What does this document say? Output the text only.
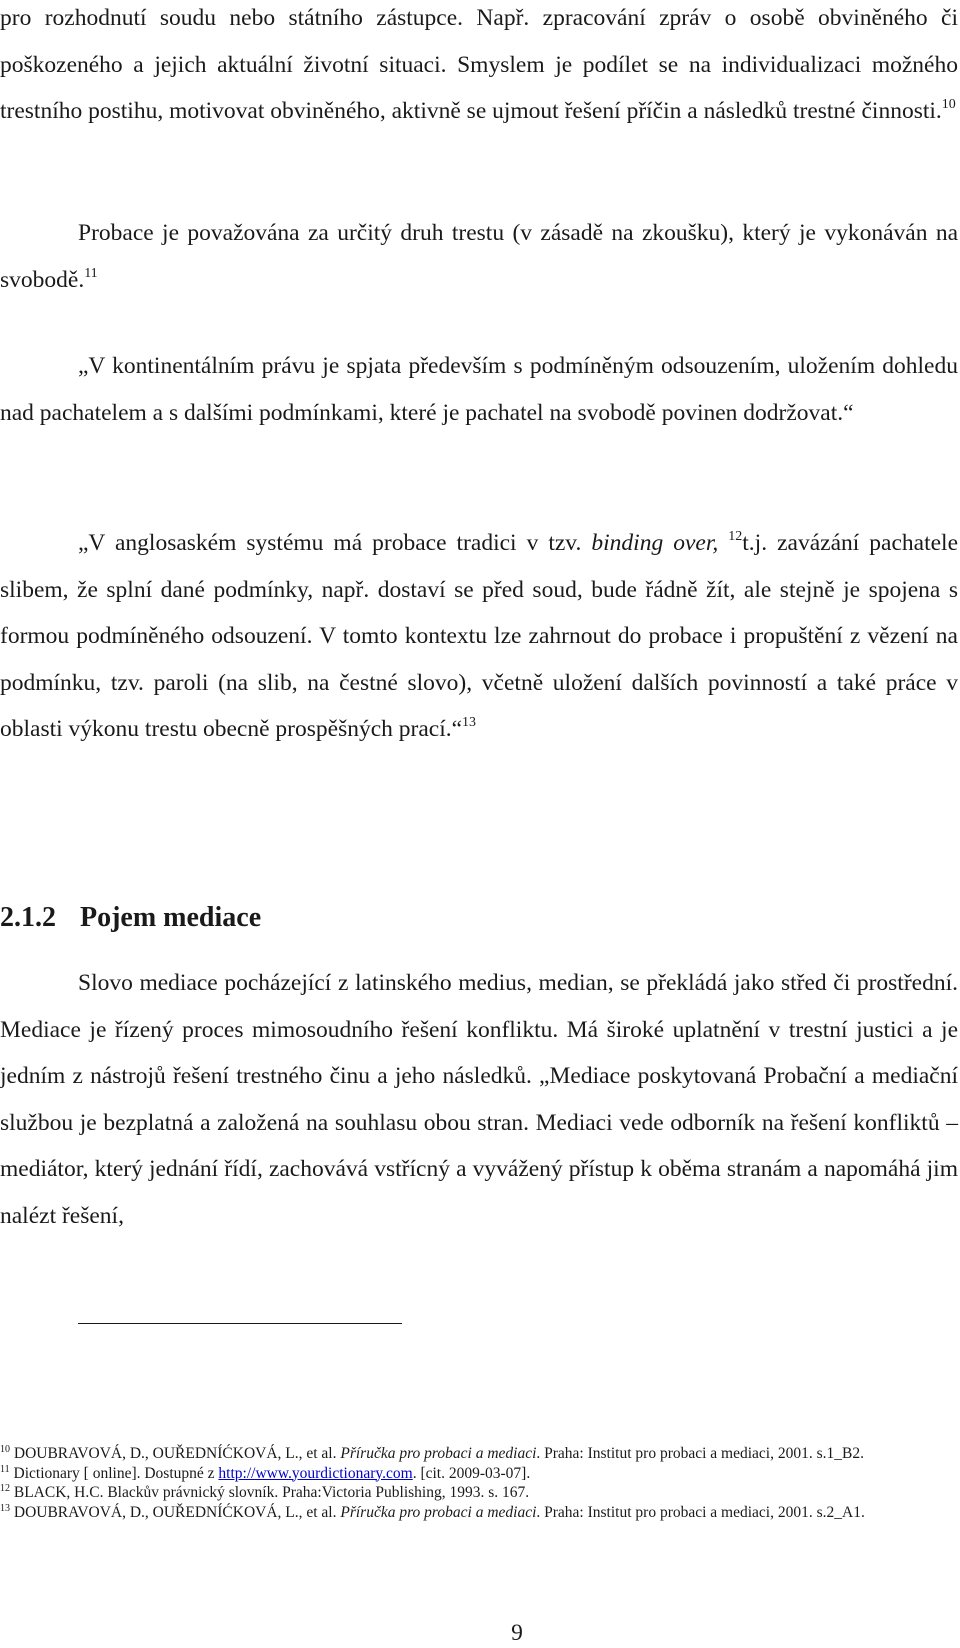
pro rozhodnutí soudu nebo státního zástupce. Např. zpracování zpráv o osobě obviněného či poškozeného a jejich aktuální životní situaci. Smyslem je podílet se na individualizaci možného trestního postihu, motivovat obviněného, aktivně se ujmout řešení příčin a následků trestné činnosti.$^{10}$

Probace je považována za určitý druh trestu (v zásadě na zkoušku), který je vykonáván na svobodě.$^{11}$

„V kontinentálním právu je spjata především s podmíněným odsouzením, uložením dohledu nad pachatelem a s dalšími podmínkami, které je pachatel na svobodě povinen dodržovat.“

„V anglosaském systému má probace tradici v tzv. binding over, $^{12}$t.j. zavázání pachatele slibem, že splní dané podmínky, např. dostaví se před soud, bude řádně žít, ale stejně je spojena s formou podmíněného odsouzení. V tomto kontextu lze zahrnout do probace i propuštění z vězení na podmínku, tzv. paroli (na slib, na čestné slovo), včetně uložení dalších povinností a také práce v oblasti výkonu trestu obecně prospěšných prací.“$^{13}$

2.1.2 Pojem mediace

Slovo mediace pocházející z latinského medius, median, se překládá jako střed či prostřední. Mediace je řízený proces mimosoudního řešení konfliktu. Má široké uplatnění v trestní justici a je jedním z nástrojů řešení trestného činu a jeho následků. „Mediace poskytovaná Probační a mediační službou je bezplatná a založená na souhlasu obou stran. Mediaci vede odborník na řešení konfliktů – mediátor, který jednání řídí, zachovává vstřícný a vyvážený přístup k oběma stranám a napomáhá jim nalézt řešení,

$^{10}$ DOUBRAVOVÁ, D., OUŘEDNÍĆKOVÁ, L., et al. Příručka pro probaci a mediaci. Praha: Institut pro probaci a mediaci, 2001. s.1_B2.

$^{11}$ Dictionary [ online]. Dostupné z http://www.yourdictionary.com. [cit. 2009-03-07].

$^{12}$ BLACK, H.C. Blackův právnický slovník. Praha:Victoria Publishing, 1993. s. 167.

$^{13}$ DOUBRAVOVÁ, D., OUŘEDNÍĆKOVÁ, L., et al. Příručka pro probaci a mediaci. Praha: Institut pro probaci a mediaci, 2001. s.2_A1.

9
